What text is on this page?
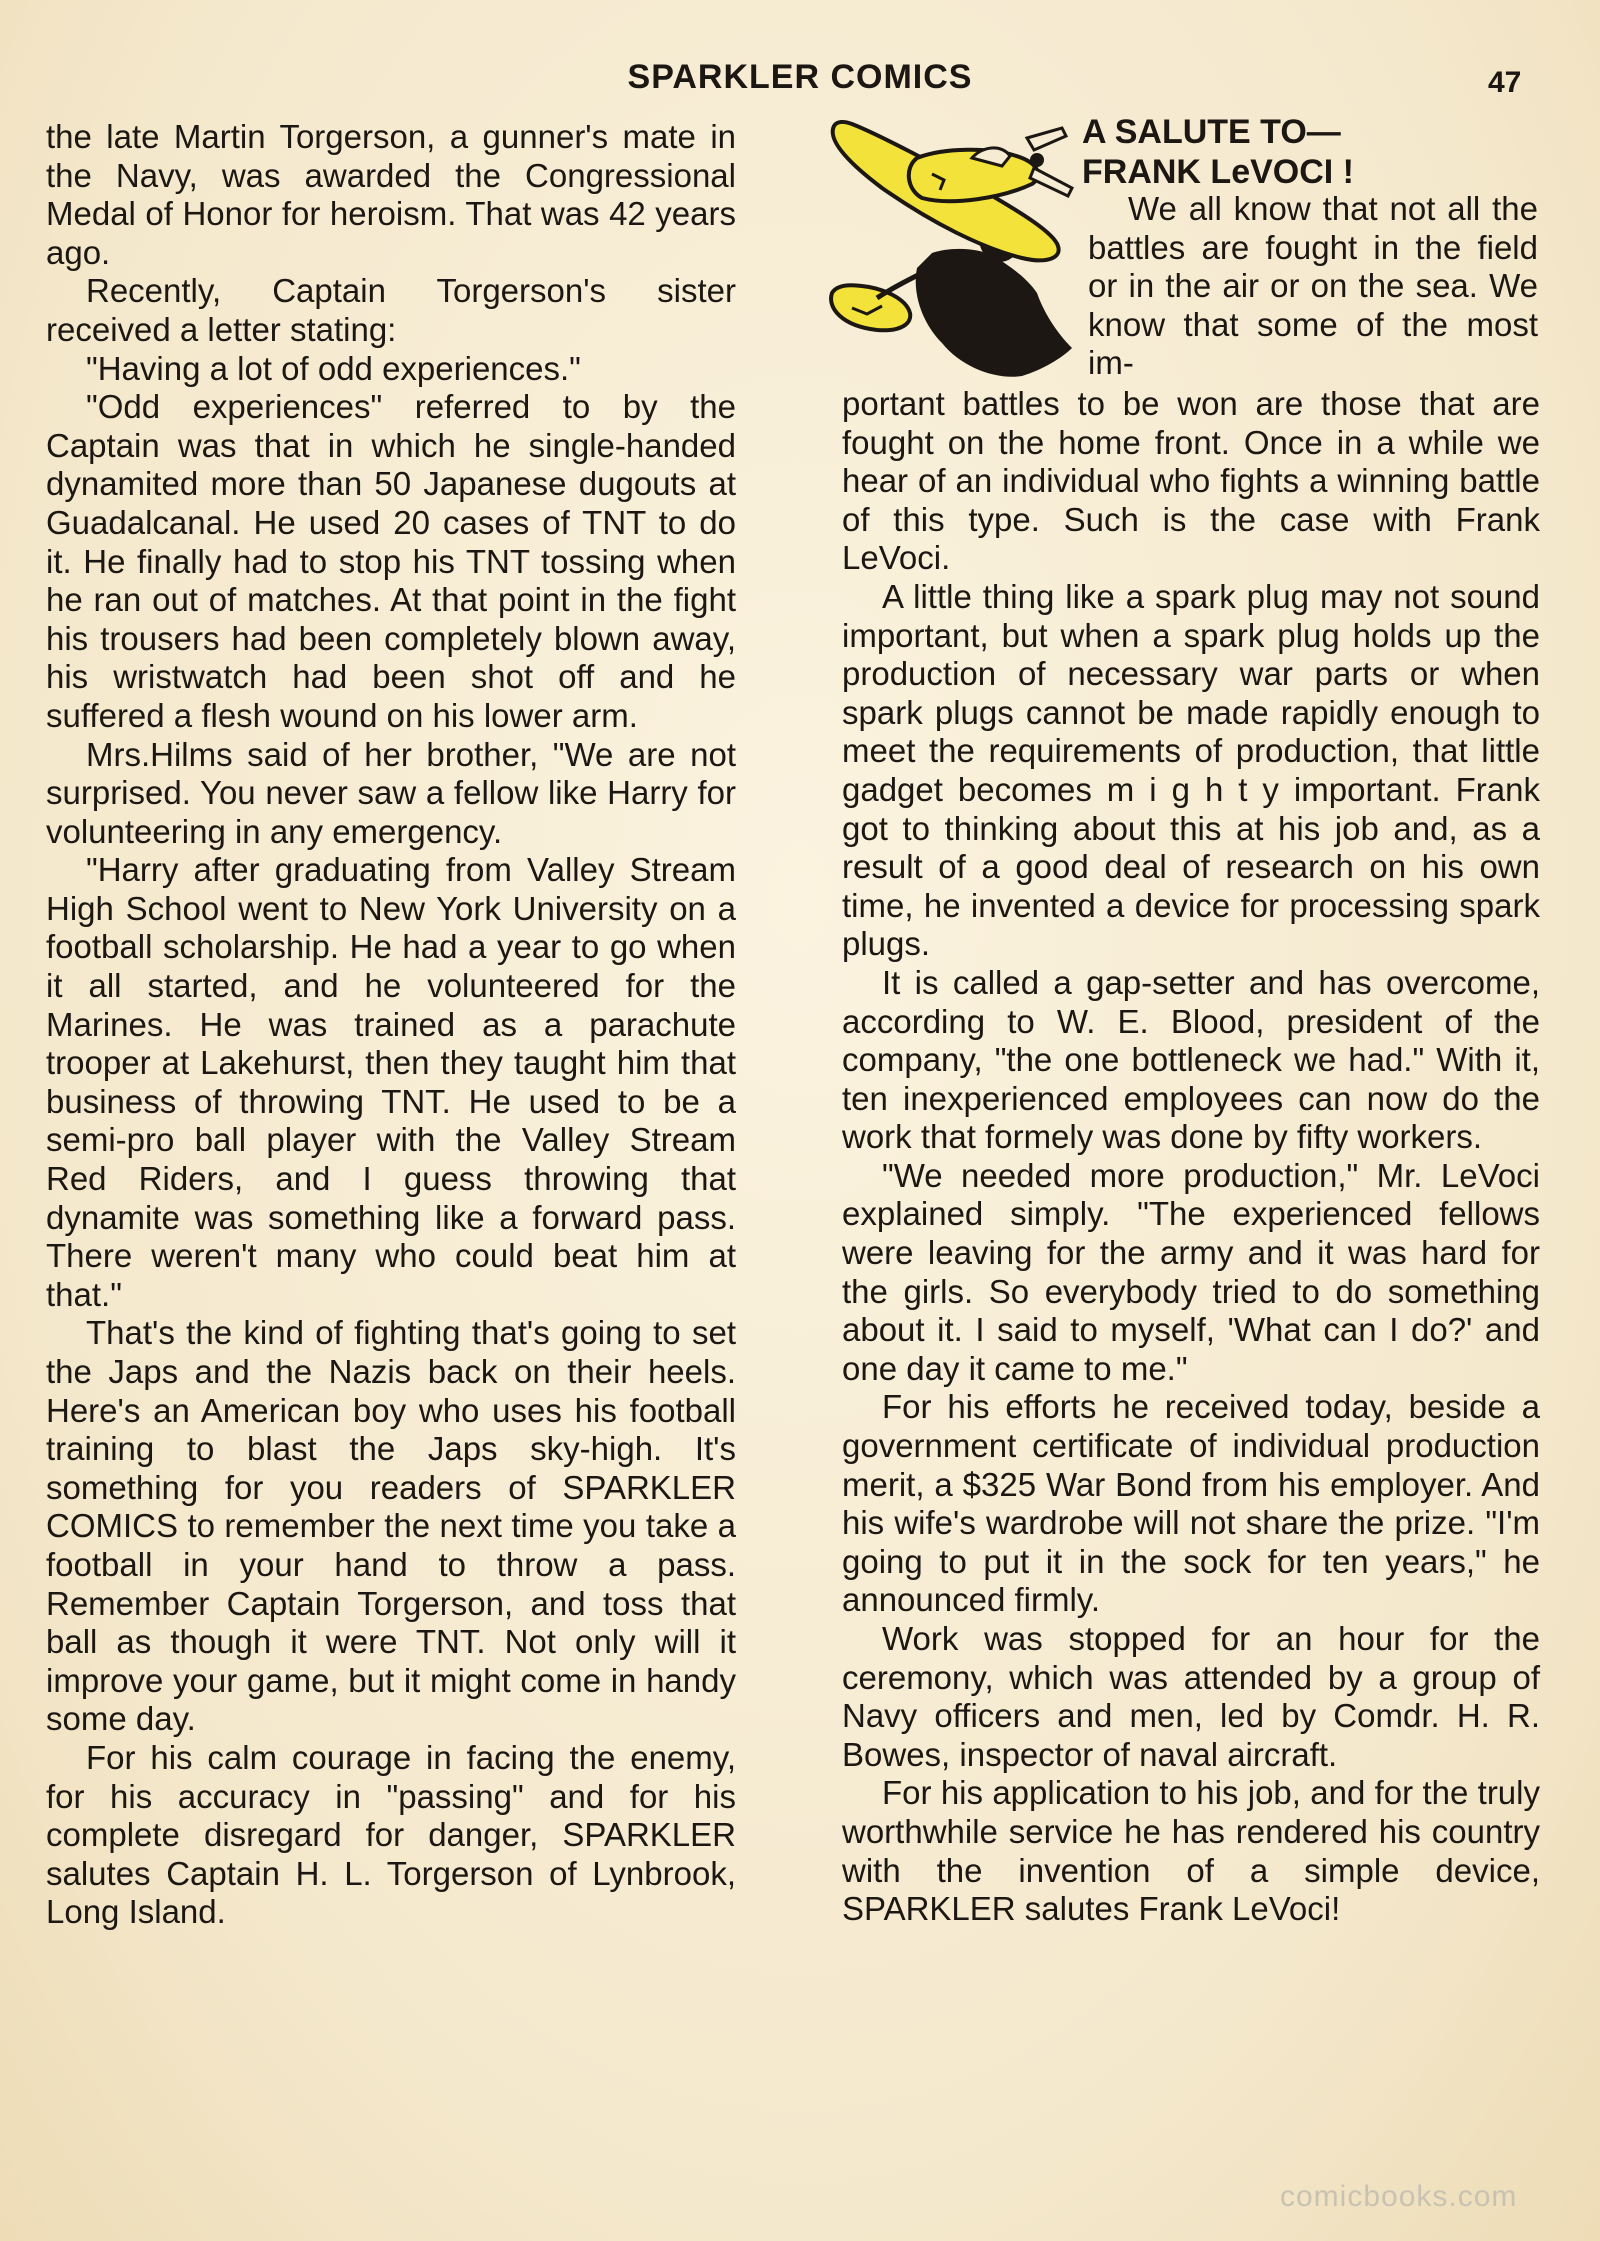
SPARKLER COMICS	47

the late Martin Torgerson, a gunner's mate in the Navy, was awarded the Congressional Medal of Honor for heroism. That was 42 years ago.

Recently, Captain Torgerson's sister received a letter stating:

"Having a lot of odd experiences."

"Odd experiences" referred to by the Captain was that in which he single-handed dynamited more than 50 Japanese dugouts at Guadalcanal. He used 20 cases of TNT to do it. He finally had to stop his TNT tossing when he ran out of matches. At that point in the fight his trousers had been completely blown away, his wristwatch had been shot off and he suffered a flesh wound on his lower arm.

Mrs.Hilms said of her brother, "We are not surprised. You never saw a fellow like Harry for volunteering in any emergency.

"Harry after graduating from Valley Stream High School went to New York University on a football scholarship. He had a year to go when it all started, and he volunteered for the Marines. He was trained as a parachute trooper at Lakehurst, then they taught him that business of throwing TNT. He used to be a semi-pro ball player with the Valley Stream Red Riders, and I guess throwing that dynamite was something like a forward pass. There weren't many who could beat him at that."

That's the kind of fighting that's going to set the Japs and the Nazis back on their heels. Here's an American boy who uses his football training to blast the Japs sky-high. It's something for you readers of SPARKLER COMICS to remember the next time you take a football in your hand to throw a pass. Remember Captain Torgerson, and toss that ball as though it were TNT. Not only will it improve your game, but it might come in handy some day.

For his calm courage in facing the enemy, for his accuracy in "passing" and for his complete disregard for danger, SPARKLER salutes Captain H. L. Torgerson of Lynbrook, Long Island.

A SALUTE TO—
FRANK LeVOCI !

We all know that not all the battles are fought in the field or in the air or on the sea. We know that some of the most im-

portant battles to be won are those that are fought on the home front. Once in a while we hear of an individual who fights a winning battle of this type. Such is the case with Frank LeVoci.

A little thing like a spark plug may not sound important, but when a spark plug holds up the production of necessary war parts or when spark plugs cannot be made rapidly enough to meet the requirements of production, that little gadget becomes m i g h t y important. Frank got to thinking about this at his job and, as a result of a good deal of research on his own time, he invented a device for processing spark plugs.

It is called a gap-setter and has overcome, according to W. E. Blood, president of the company, "the one bottleneck we had." With it, ten inexperienced employees can now do the work that formely was done by fifty workers.

"We needed more production," Mr. LeVoci explained simply. "The experienced fellows were leaving for the army and it was hard for the girls. So everybody tried to do something about it. I said to myself, 'What can I do?' and one day it came to me."

For his efforts he received today, beside a government certificate of individual production merit, a $325 War Bond from his employer. And his wife's wardrobe will not share the prize. "I'm going to put it in the sock for ten years," he announced firmly.

Work was stopped for an hour for the ceremony, which was attended by a group of Navy officers and men, led by Comdr. H. R. Bowes, inspector of naval aircraft.

For his application to his job, and for the truly worthwhile service he has rendered his country with the invention of a simple device, SPARKLER salutes Frank LeVoci!

comicbooks.com
